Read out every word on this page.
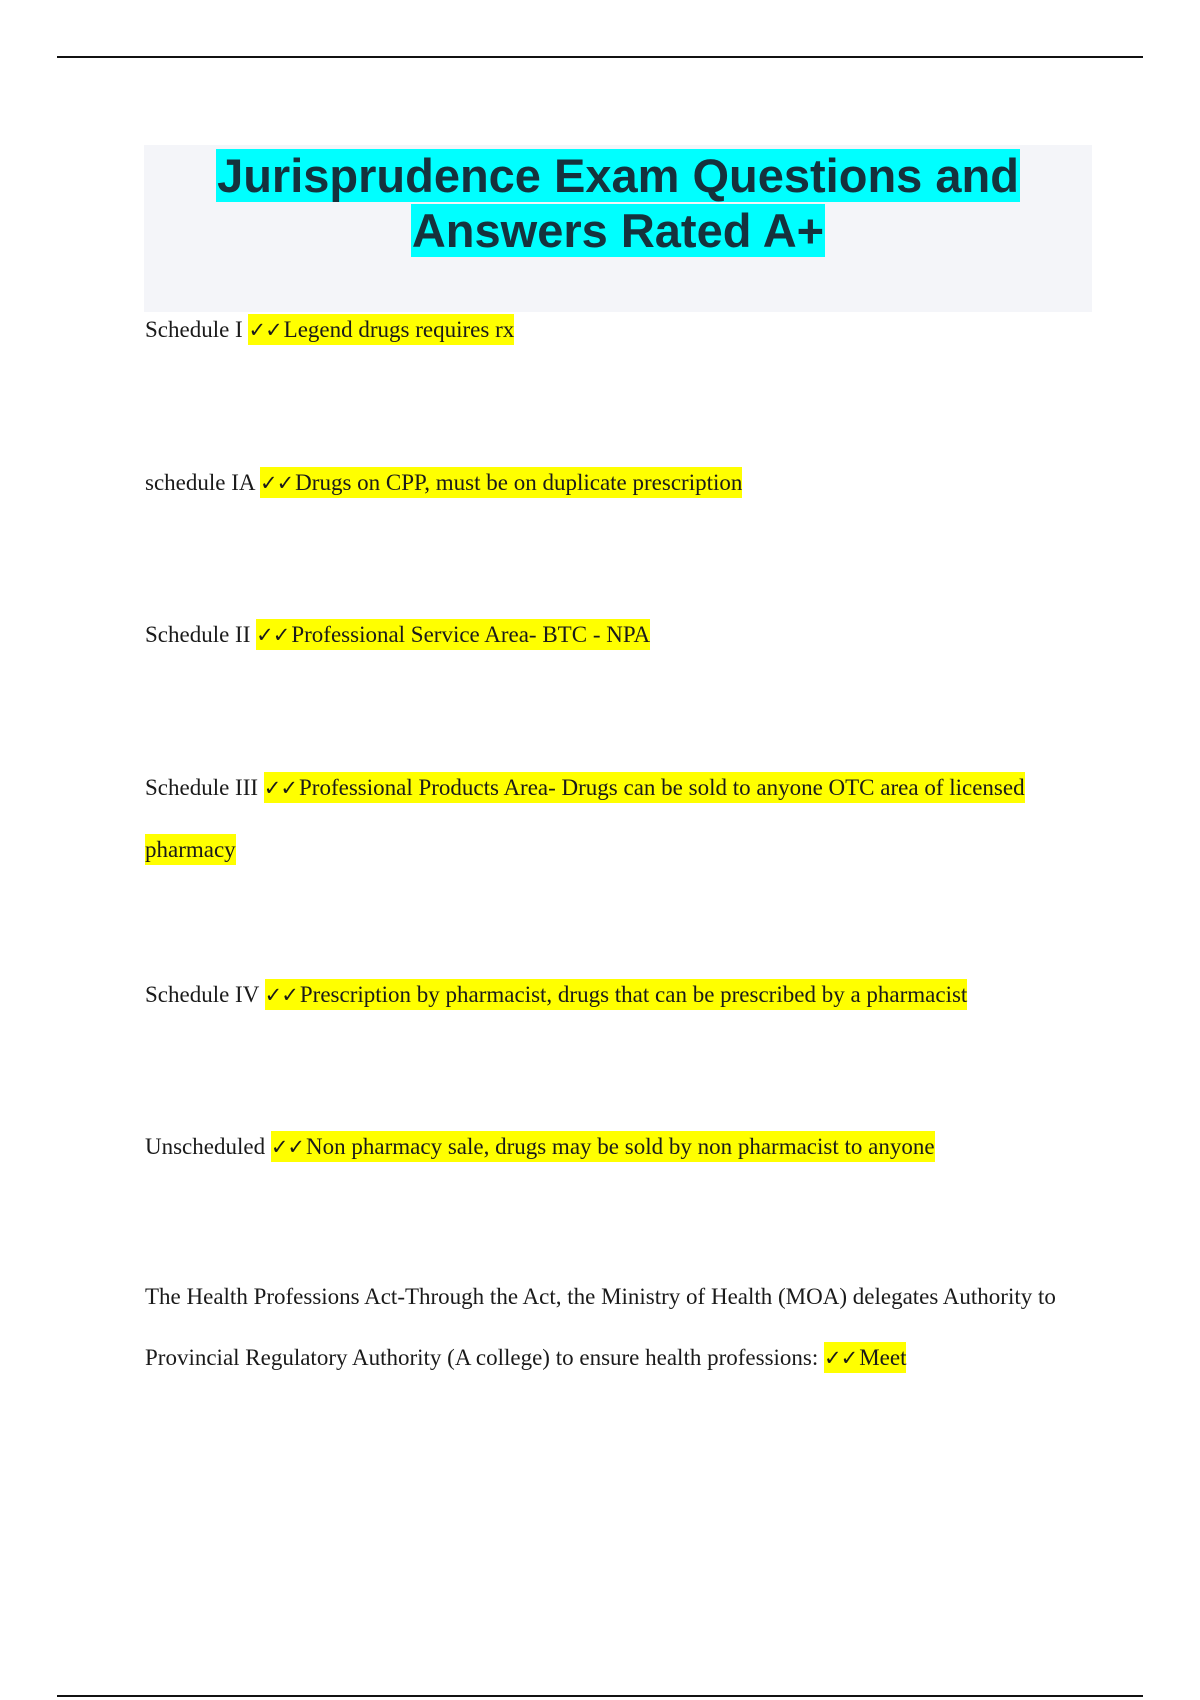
Jurisprudence Exam Questions and Answers Rated A+
Schedule I ✓✓Legend drugs requires rx
schedule IA ✓✓Drugs on CPP, must be on duplicate prescription
Schedule II ✓✓Professional Service Area- BTC - NPA
Schedule III ✓✓Professional Products Area- Drugs can be sold to anyone OTC area of licensed pharmacy
Schedule IV ✓✓Prescription by pharmacist, drugs that can be prescribed by a pharmacist
Unscheduled ✓✓Non pharmacy sale, drugs may be sold by non pharmacist to anyone
The Health Professions Act-Through the Act, the Ministry of Health (MOA) delegates Authority to Provincial Regulatory Authority (A college) to ensure health professions: ✓✓Meet
